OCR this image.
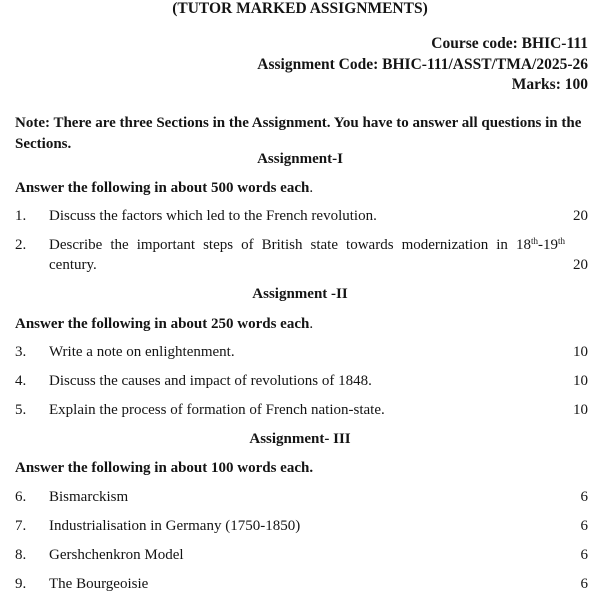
(TUTOR MARKED ASSIGNMENTS)
Course code: BHIC-111
Assignment Code: BHIC-111/ASST/TMA/2025-26
Marks: 100
Note: There are three Sections in the Assignment. You have to answer all questions in the Sections.
Assignment-I
Answer the following in about 500 words each.
1. Discuss the factors which led to the French revolution.	20
2. Describe the important steps of British state towards modernization in 18th-19th
century.	20
Assignment -II
Answer the following in about 250 words each.
3. Write a note on enlightenment.	10
4. Discuss the causes and impact of revolutions of 1848.	10
5. Explain the process of formation of French nation-state.	10
Assignment- III
Answer the following in about 100 words each.
6. Bismarckism	6
7. Industrialisation in Germany (1750-1850)	6
8. Gershchenkron Model	6
9. The Bourgeoisie	6
